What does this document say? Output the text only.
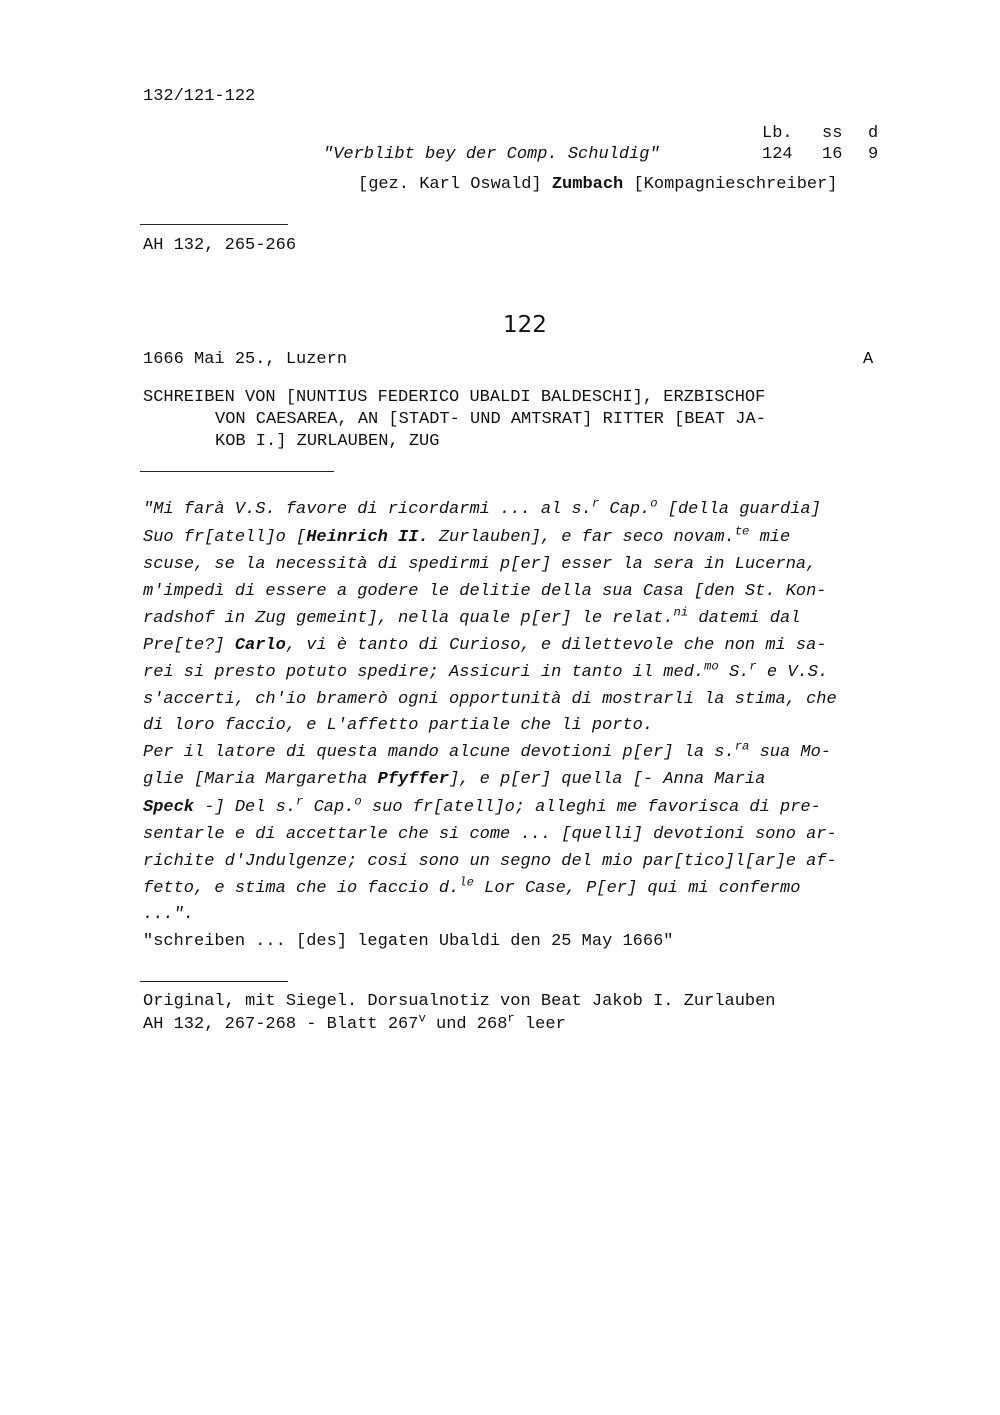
132/121-122
Lb. ss d
"Verblibt bey der Comp. Schuldig"	124 16 9
[gez. Karl Oswald] Zumbach [Kompagnieschreiber]
AH 132, 265-266
122
1666 Mai 25., Luzern	A
SCHREIBEN VON [NUNTIUS FEDERICO UBALDI BALDESCHI], ERZBISCHOF
VON CAESAREA, AN [STADT- UND AMTSRAT] RITTER [BEAT JA-
KOB I.] ZURLAUBEN, ZUG
"Mi farà V.S. favore di ricordarmi ... al s.$^r$ Cap.$^o$ [della guardia]
Suo fr[atell]o [Heinrich II. Zurlauben], e far seco novam.$^{te}$ mie
scuse, se la necessità di spedirmi p[er] esser la sera in Lucerna,
m'impedì di essere a godere le delitie della sua Casa [den St. Kon-
radshof in Zug gemeint], nella quale p[er] le relat.$^{ni}$ datemi dal
Pre[te?] Carlo, vi è tanto di Curioso, e dilettevole che non mi sa-
rei si presto potuto spedire; Assicuri in tanto il med.$^{mo}$ S.$^r$ e V.S.
s'accerti, ch'io bramerò ogni opportunità di mostrarli la stima, che
di loro faccio, e L'affetto partiale che li porto.
Per il latore di questa mando alcune devotioni p[er] la s.$^{ra}$ sua Mo-
glie [Maria Margaretha Pfyffer], e p[er] quella [- Anna Maria
Speck -] Del s.$^r$ Cap.$^o$ suo fr[atell]o; alleghi me favorisca di pre-
sentarle e di accettarle che si come ... [quelli] devotioni sono ar-
richite d'Jndulgenze; cosi sono un segno del mio par[tico]l[ar]e af-
fetto, e stima che io faccio d.$^{le}$ Lor Case, P[er] qui mi confermo
...".
"schreiben ... [des] legaten Ubaldi den 25 May 1666"
Original, mit Siegel. Dorsualnotiz von Beat Jakob I. Zurlauben
AH 132, 267-268 - Blatt 267$^v$ und 268$^r$ leer
